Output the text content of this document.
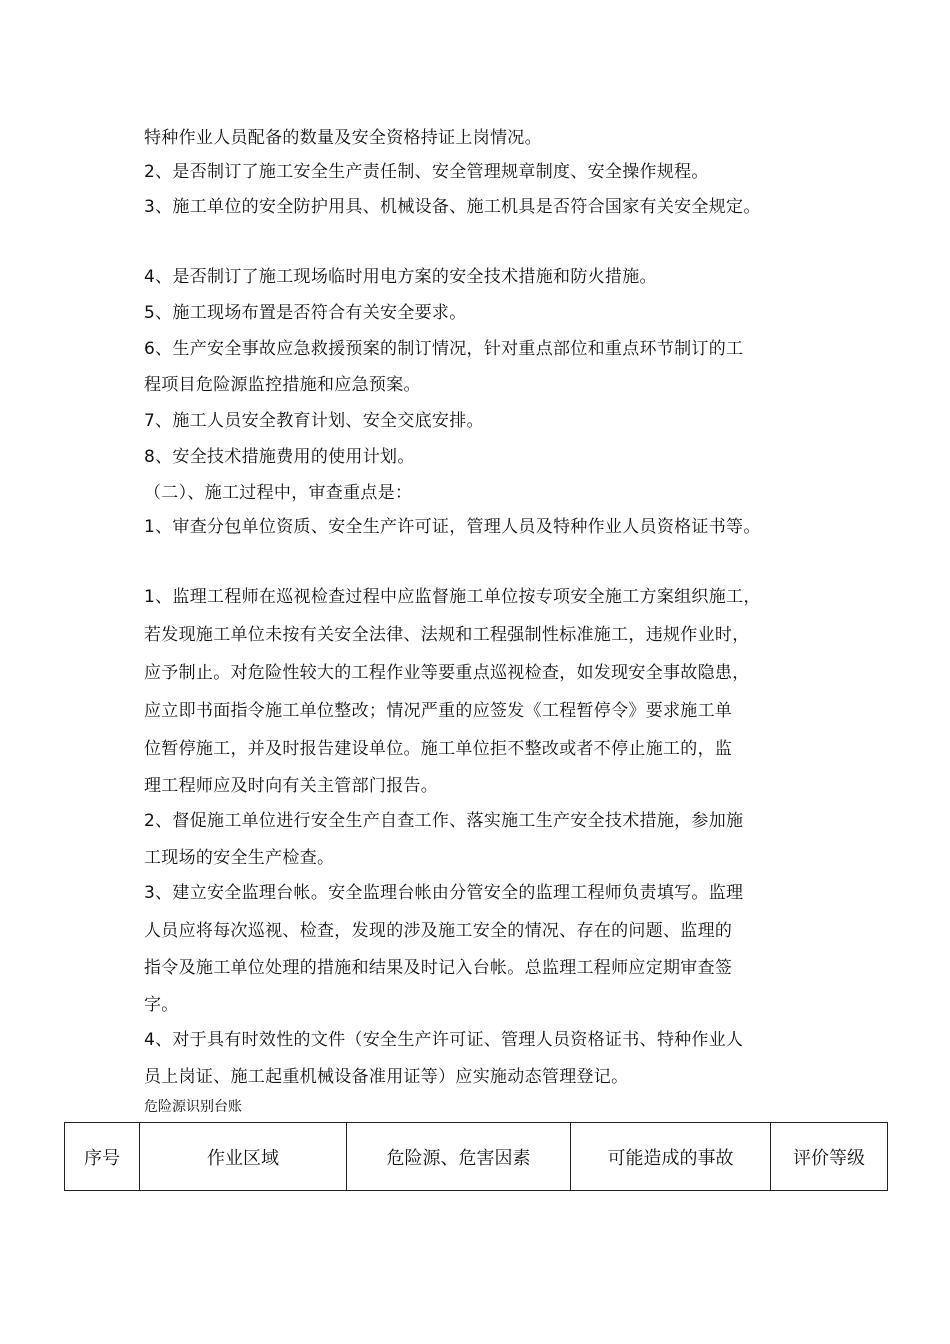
特种作业人员配备的数量及安全资格持证上岗情况。
2、是否制订了施工安全生产责任制、安全管理规章制度、安全操作规程。
3、施工单位的安全防护用具、机械设备、施工机具是否符合国家有关安全规定。
4、是否制订了施工现场临时用电方案的安全技术措施和防火措施。
5、施工现场布置是否符合有关安全要求。
6、生产安全事故应急救援预案的制订情况，针对重点部位和重点环节制订的工
程项目危险源监控措施和应急预案。
7、施工人员安全教育计划、安全交底安排。
8、安全技术措施费用的使用计划。
（二）、施工过程中，审查重点是：
1、审查分包单位资质、安全生产许可证，管理人员及特种作业人员资格证书等。
1、监理工程师在巡视检查过程中应监督施工单位按专项安全施工方案组织施工，
若发现施工单位未按有关安全法律、法规和工程强制性标准施工，违规作业时，
应予制止。对危险性较大的工程作业等要重点巡视检查，如发现安全事故隐患，
应立即书面指令施工单位整改；情况严重的应签发《工程暂停令》要求施工单
位暂停施工，并及时报告建设单位。施工单位拒不整改或者不停止施工的，监
理工程师应及时向有关主管部门报告。
2、督促施工单位进行安全生产自查工作、落实施工生产安全技术措施，参加施
工现场的安全生产检查。
3、建立安全监理台帐。安全监理台帐由分管安全的监理工程师负责填写。监理
人员应将每次巡视、检查，发现的涉及施工安全的情况、存在的问题、监理的
指令及施工单位处理的措施和结果及时记入台帐。总监理工程师应定期审查签
字。
4、对于具有时效性的文件（安全生产许可证、管理人员资格证书、特种作业人
员上岗证、施工起重机械设备准用证等）应实施动态管理登记。
危险源识别台账
序号	作业区域	危险源、危害因素	可能造成的事故	评价等级
